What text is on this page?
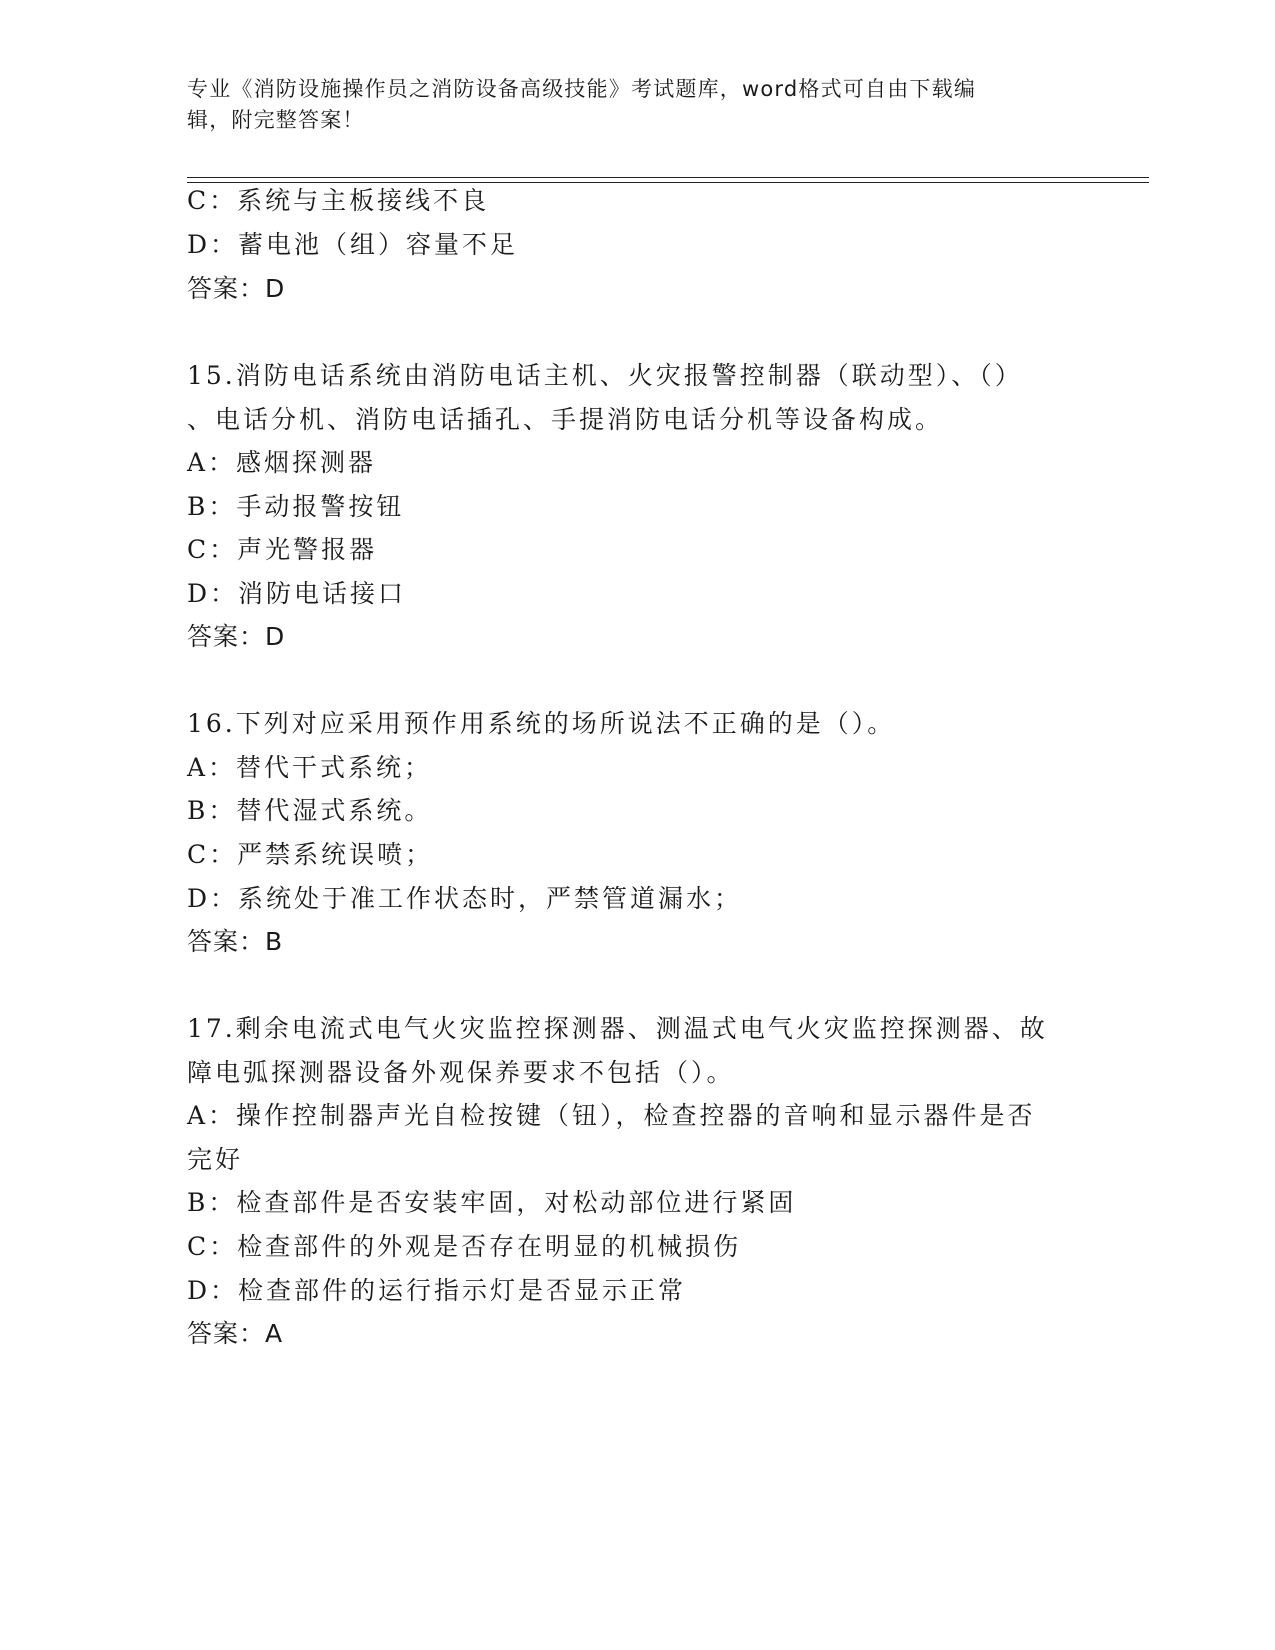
专业《消防设施操作员之消防设备高级技能》考试题库，word格式可自由下载编
辑，附完整答案！
C：系统与主板接线不良
D：蓄电池（组）容量不足
答案：D
15.消防电话系统由消防电话主机、火灾报警控制器（联动型）、（）
、电话分机、消防电话插孔、手提消防电话分机等设备构成。
A：感烟探测器
B：手动报警按钮
C：声光警报器
D：消防电话接口
答案：D
16.下列对应采用预作用系统的场所说法不正确的是（）。
A：替代干式系统；
B：替代湿式系统。
C：严禁系统误喷；
D：系统处于准工作状态时，严禁管道漏水；
答案：B
17.剩余电流式电气火灾监控探测器、测温式电气火灾监控探测器、故
障电弧探测器设备外观保养要求不包括（）。
A：操作控制器声光自检按键（钮），检查控器的音响和显示器件是否
完好
B：检查部件是否安装牢固，对松动部位进行紧固
C：检查部件的外观是否存在明显的机械损伤
D：检查部件的运行指示灯是否显示正常
答案：A
